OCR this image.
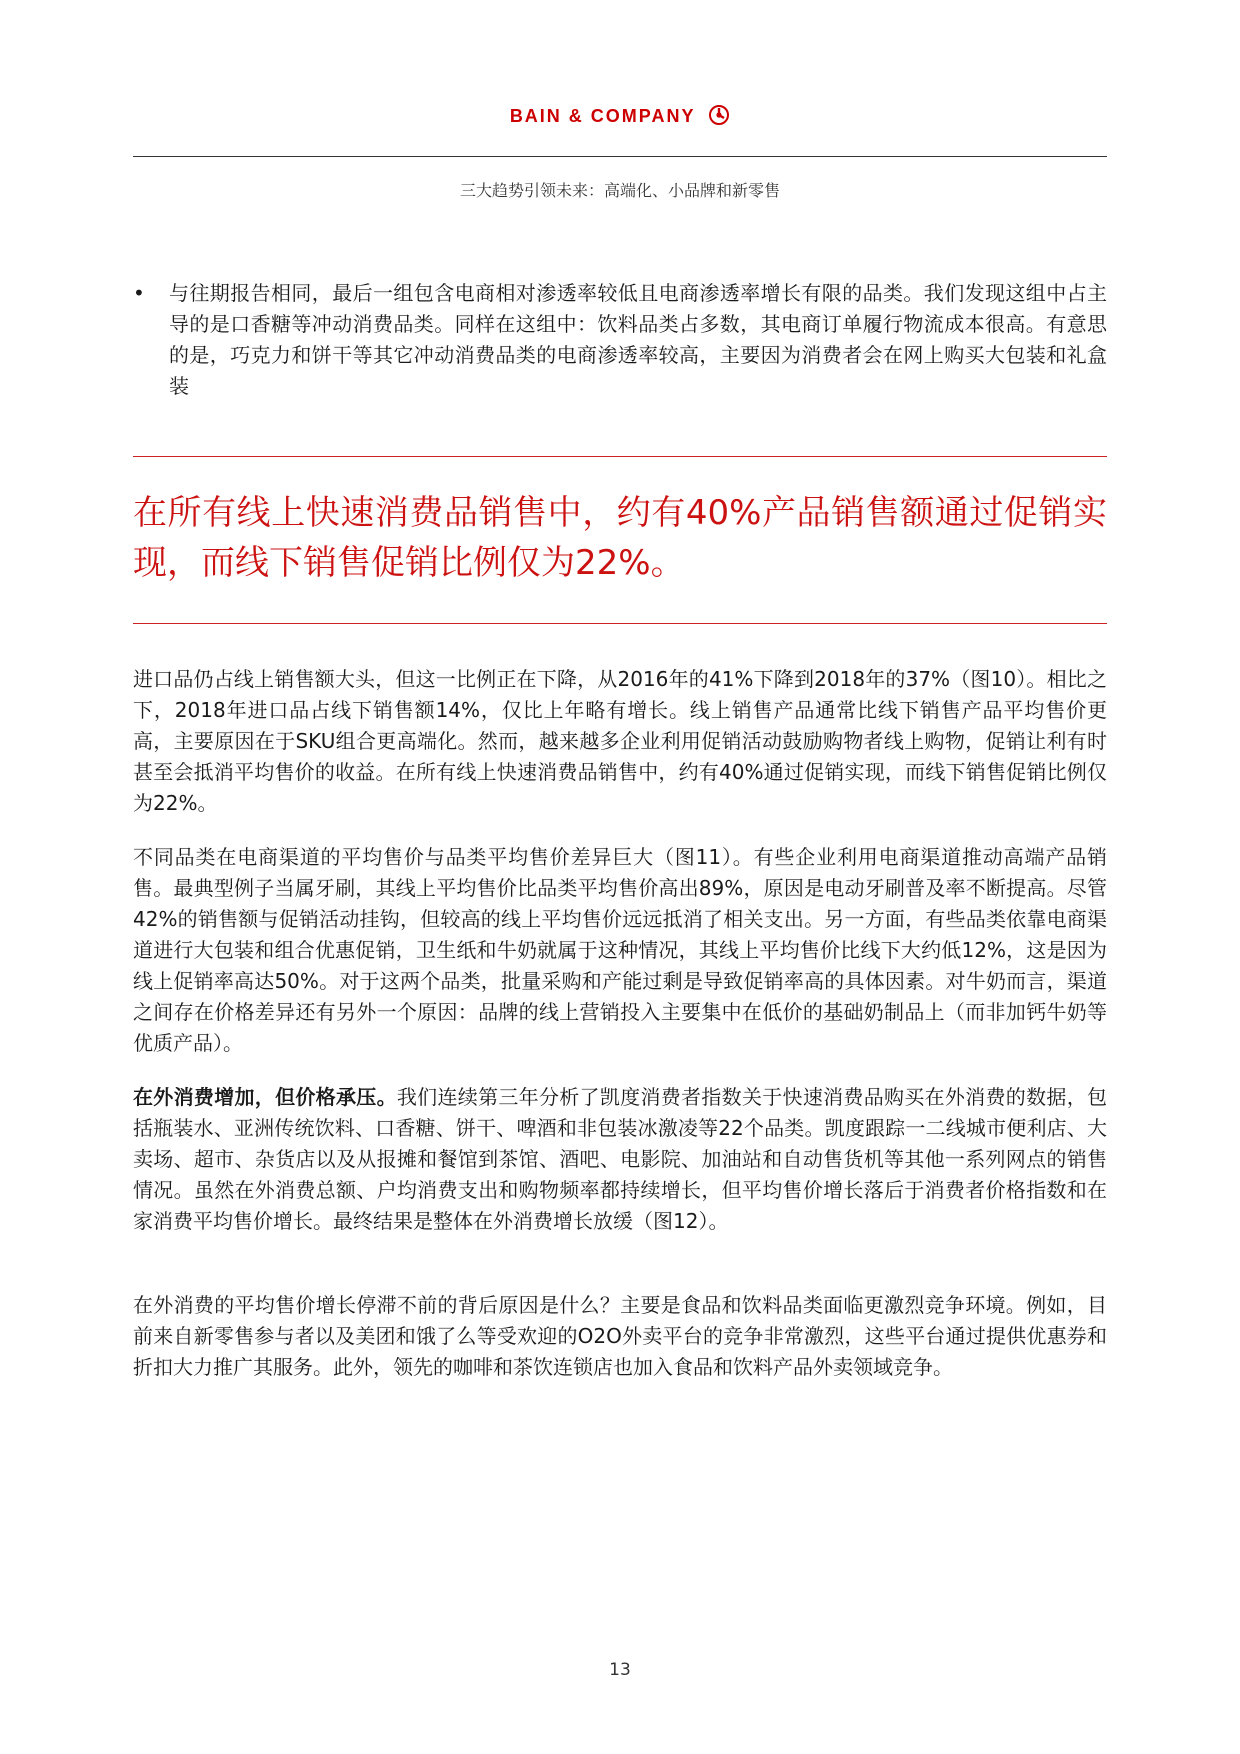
BAIN & COMPANY
三大趋势引领未来：高端化、小品牌和新零售
• 与往期报告相同，最后一组包含电商相对渗透率较低且电商渗透率增长有限的品类。我们发现这组中占主导的是口香糖等冲动消费品类。同样在这组中：饮料品类占多数，其电商订单履行物流成本很高。有意思的是，巧克力和饼干等其它冲动消费品类的电商渗透率较高，主要因为消费者会在网上购买大包装和礼盒装
在所有线上快速消费品销售中，约有40%产品销售额通过促销实现，而线下销售促销比例仅为22%。
进口品仍占线上销售额大头，但这一比例正在下降，从2016年的41%下降到2018年的37%（图10）。相比之下，2018年进口品占线下销售额14%，仅比上年略有增长。线上销售产品通常比线下销售产品平均售价更高，主要原因在于SKU组合更高端化。然而，越来越多企业利用促销活动鼓励购物者线上购物，促销让利有时甚至会抵消平均售价的收益。在所有线上快速消费品销售中，约有40%通过促销实现，而线下销售促销比例仅为22%。
不同品类在电商渠道的平均售价与品类平均售价差异巨大（图11）。有些企业利用电商渠道推动高端产品销售。最典型例子当属牙刷，其线上平均售价比品类平均售价高出89%，原因是电动牙刷普及率不断提高。尽管42%的销售额与促销活动挂钩，但较高的线上平均售价远远抵消了相关支出。另一方面，有些品类依靠电商渠道进行大包装和组合优惠促销，卫生纸和牛奶就属于这种情况，其线上平均售价比线下大约低12%，这是因为线上促销率高达50%。对于这两个品类，批量采购和产能过剩是导致促销率高的具体因素。对牛奶而言，渠道之间存在价格差异还有另外一个原因：品牌的线上营销投入主要集中在低价的基础奶制品上（而非加钙牛奶等优质产品）。
在外消费增加，但价格承压。我们连续第三年分析了凯度消费者指数关于快速消费品购买在外消费的数据，包括瓶装水、亚洲传统饮料、口香糖、饼干、啤酒和非包装冰激凌等22个品类。凯度跟踪一二线城市便利店、大卖场、超市、杂货店以及从报摊和餐馆到茶馆、酒吧、电影院、加油站和自动售货机等其他一系列网点的销售情况。虽然在外消费总额、户均消费支出和购物频率都持续增长，但平均售价增长落后于消费者价格指数和在家消费平均售价增长。最终结果是整体在外消费增长放缓（图12）。
在外消费的平均售价增长停滞不前的背后原因是什么？主要是食品和饮料品类面临更激烈竞争环境。例如，目前来自新零售参与者以及美团和饿了么等受欢迎的O2O外卖平台的竞争非常激烈，这些平台通过提供优惠券和折扣大力推广其服务。此外，领先的咖啡和茶饮连锁店也加入食品和饮料产品外卖领域竞争。
13
